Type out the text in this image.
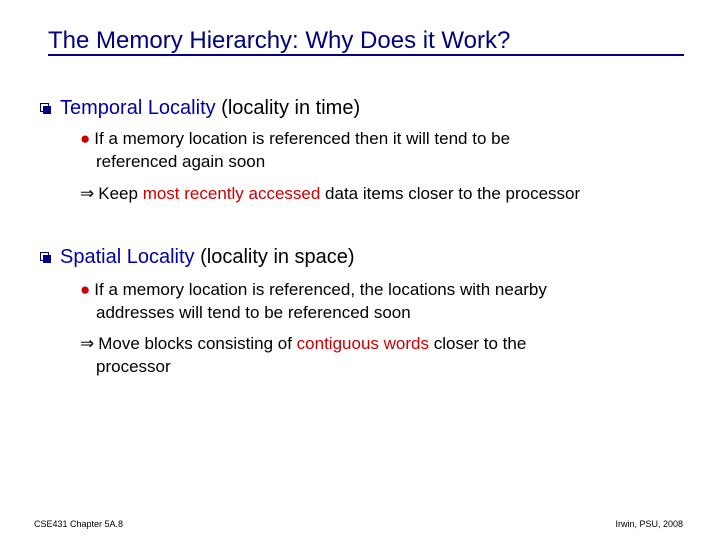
The Memory Hierarchy: Why Does it Work?
Temporal Locality (locality in time)
● If a memory location is referenced then it will tend to be
referenced again soon
⇒ Keep most recently accessed data items closer to the processor
Spatial Locality (locality in space)
● If a memory location is referenced, the locations with nearby
addresses will tend to be referenced soon
⇒ Move blocks consisting of contiguous words closer to the
processor
CSE431 Chapter 5A.8	Irwin, PSU, 2008
